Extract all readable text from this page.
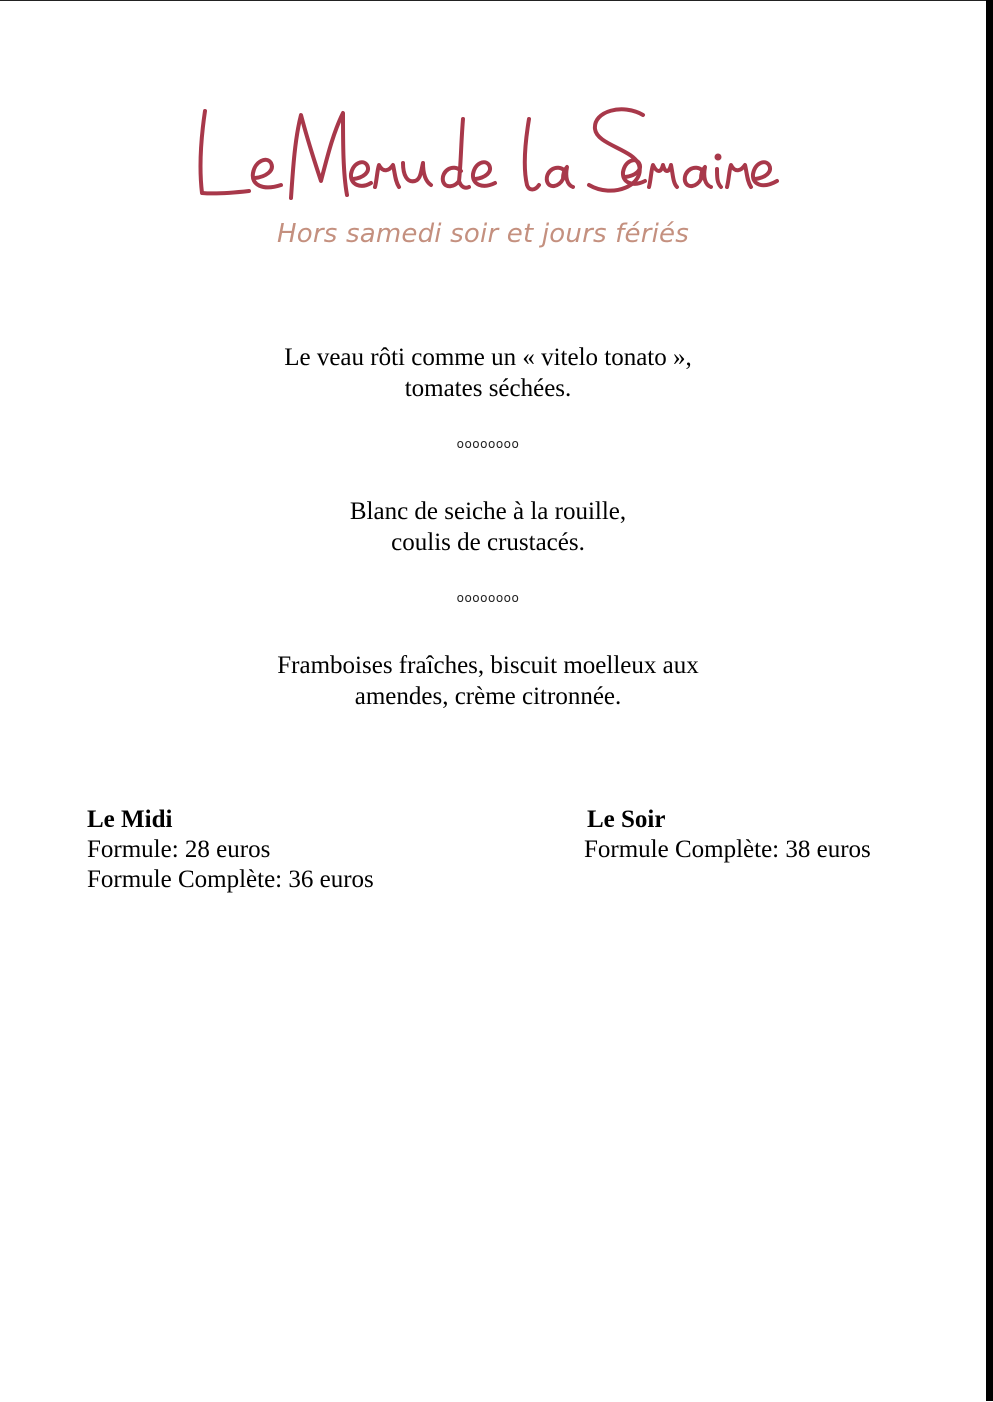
Hors samedi soir et jours fériés
Le veau rôti comme un « vitelo tonato »,
tomates séchées.
oooooooo
Blanc de seiche à la rouille,
coulis de crustacés.
oooooooo
Framboises fraîches, biscuit moelleux aux
amendes, crème citronnée.
Le Midi
Formule: 28 euros
Formule Complète: 36 euros
Le Soir
Formule Complète: 38 euros
